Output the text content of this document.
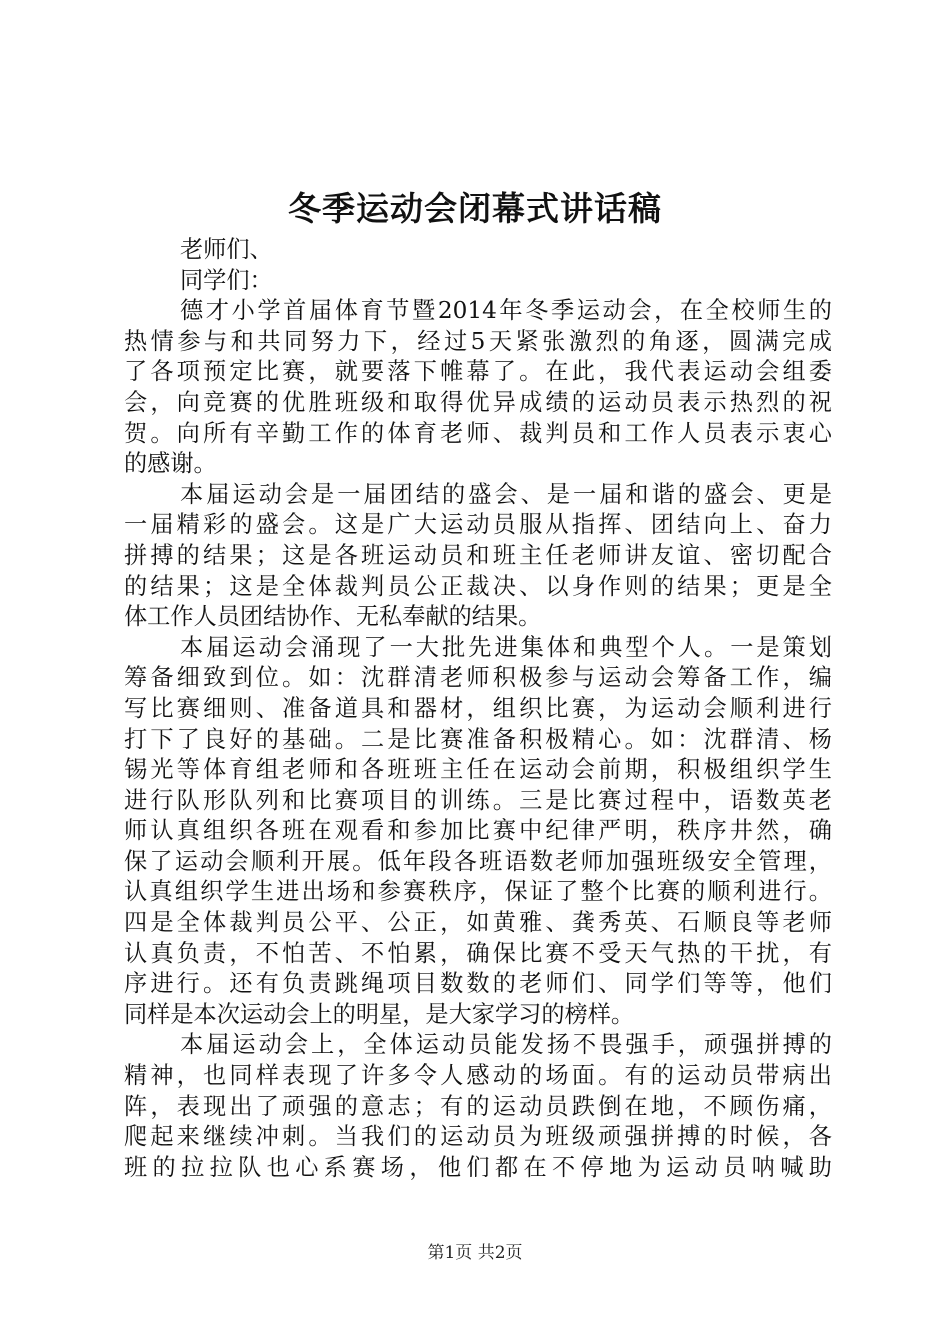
冬季运动会闭幕式讲话稿
老师们、
同学们：
德才小学首届体育节暨2014年冬季运动会，在全校师生的
热情参与和共同努力下，经过5天紧张激烈的角逐，圆满完成
了各项预定比赛，就要落下帷幕了。在此，我代表运动会组委
会，向竞赛的优胜班级和取得优异成绩的运动员表示热烈的祝
贺。向所有辛勤工作的体育老师、裁判员和工作人员表示衷心
的感谢。
本届运动会是一届团结的盛会、是一届和谐的盛会、更是
一届精彩的盛会。这是广大运动员服从指挥、团结向上、奋力
拼搏的结果；这是各班运动员和班主任老师讲友谊、密切配合
的结果；这是全体裁判员公正裁决、以身作则的结果；更是全
体工作人员团结协作、无私奉献的结果。
本届运动会涌现了一大批先进集体和典型个人。一是策划
筹备细致到位。如：沈群清老师积极参与运动会筹备工作，编
写比赛细则、准备道具和器材，组织比赛，为运动会顺利进行
打下了良好的基础。二是比赛准备积极精心。如：沈群清、杨
锡光等体育组老师和各班班主任在运动会前期，积极组织学生
进行队形队列和比赛项目的训练。三是比赛过程中，语数英老
师认真组织各班在观看和参加比赛中纪律严明，秩序井然，确
保了运动会顺利开展。低年段各班语数老师加强班级安全管理，
认真组织学生进出场和参赛秩序，保证了整个比赛的顺利进行。
四是全体裁判员公平、公正，如黄雅、龚秀英、石顺良等老师
认真负责，不怕苦、不怕累，确保比赛不受天气热的干扰，有
序进行。还有负责跳绳项目数数的老师们、同学们等等，他们
同样是本次运动会上的明星，是大家学习的榜样。
本届运动会上，全体运动员能发扬不畏强手，顽强拼搏的
精神，也同样表现了许多令人感动的场面。有的运动员带病出
阵，表现出了顽强的意志；有的运动员跌倒在地，不顾伤痛，
爬起来继续冲刺。当我们的运动员为班级顽强拼搏的时候，各
班的拉拉队也心系赛场，他们都在不停地为运动员呐喊助
第1页 共2页
